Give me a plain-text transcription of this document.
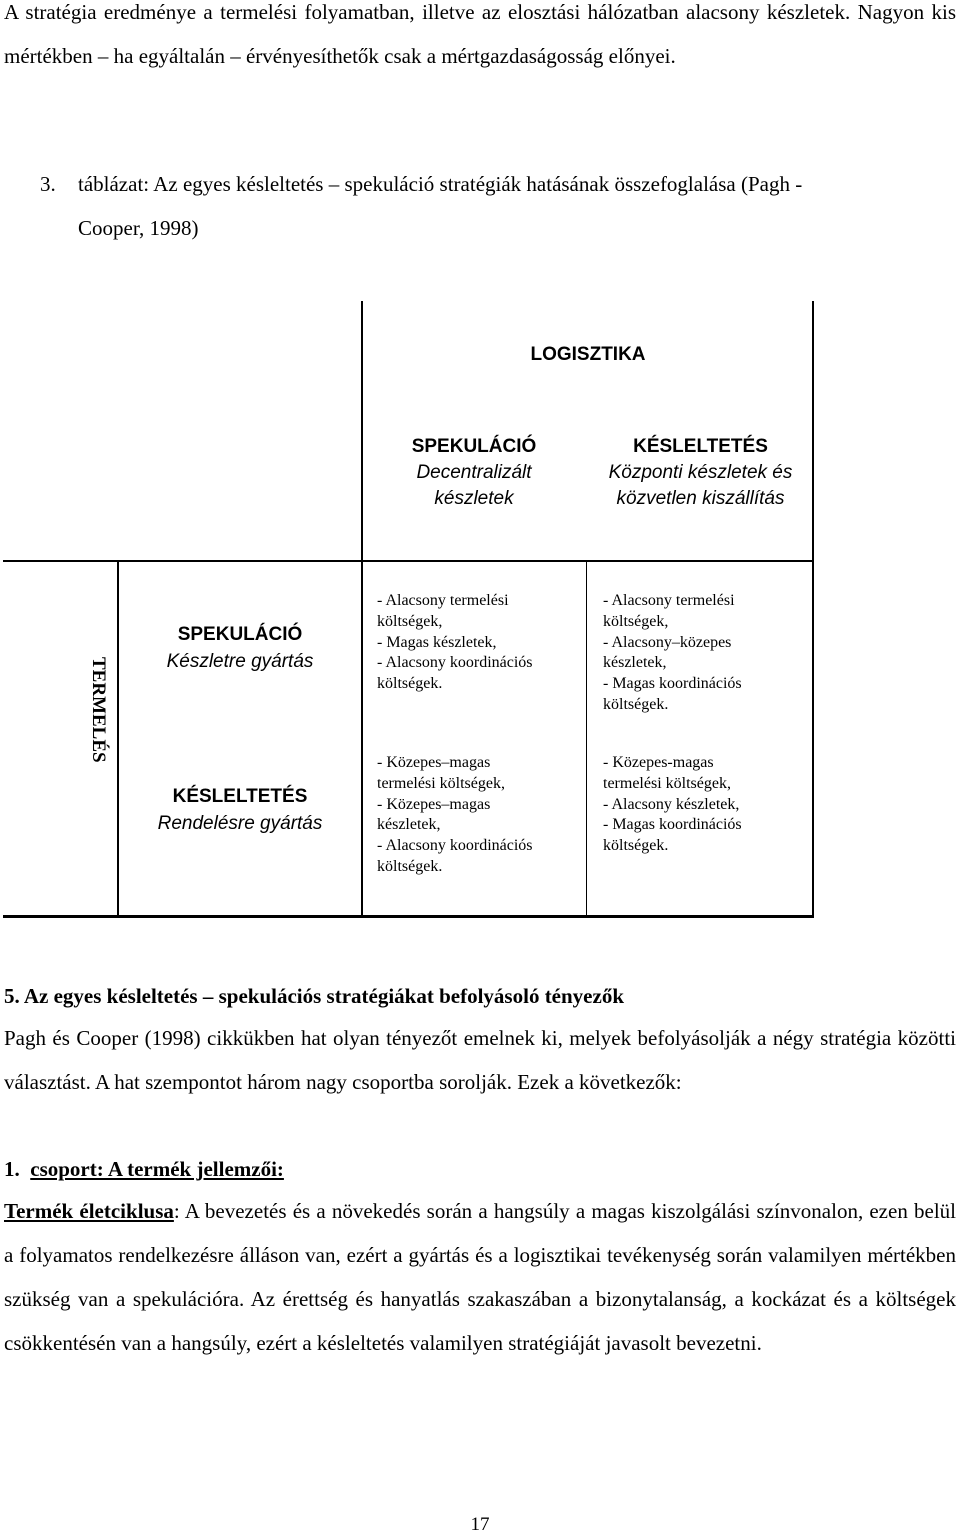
A stratégia eredménye a termelési folyamatban, illetve az elosztási hálózatban alacsony készletek. Nagyon kis mértékben – ha egyáltalán – érvényesíthetők csak a mértgazdaságosság előnyei.

3. táblázat: Az egyes késleltetés – spekuláció stratégiák hatásának összefoglalása (Pagh -
Cooper, 1998)
LOGISZTIKA
SPEKULÁCIÓ
Decentralizált
készletek
KÉSLELTETÉS
Központi készletek és
közvetlen kiszállítás
TERMELÉS
SPEKULÁCIÓ
Készletre gyártás
KÉSLELTETÉS
Rendelésre gyártás
- Alacsony termelési
költségek,
- Magas készletek,
- Alacsony koordinációs
költségek.
- Alacsony termelési
költségek,
- Alacsony–közepes
készletek,
- Magas koordinációs
költségek.
- Közepes–magas
termelési költségek,
- Közepes–magas
készletek,
- Alacsony koordinációs
költségek.
- Közepes-magas
termelési költségek,
- Alacsony készletek,
- Magas koordinációs
költségek.
5. Az egyes késleltetés – spekulációs stratégiákat befolyásoló tényezők

Pagh és Cooper (1998) cikkükben hat olyan tényezőt emelnek ki, melyek befolyásolják a négy stratégia közötti választást. A hat szempontot három nagy csoportba sorolják. Ezek a következők:

1. csoport: A termék jellemzői:

Termék életciklusa: A bevezetés és a növekedés során a hangsúly a magas kiszolgálási színvonalon, ezen belül a folyamatos rendelkezésre álláson van, ezért a gyártás és a logisztikai tevékenység során valamilyen mértékben szükség van a spekulációra. Az érettség és hanyatlás szakaszában a bizonytalanság, a kockázat és a költségek csökkentésén van a hangsúly, ezért a késleltetés valamilyen stratégiáját javasolt bevezetni.

17
